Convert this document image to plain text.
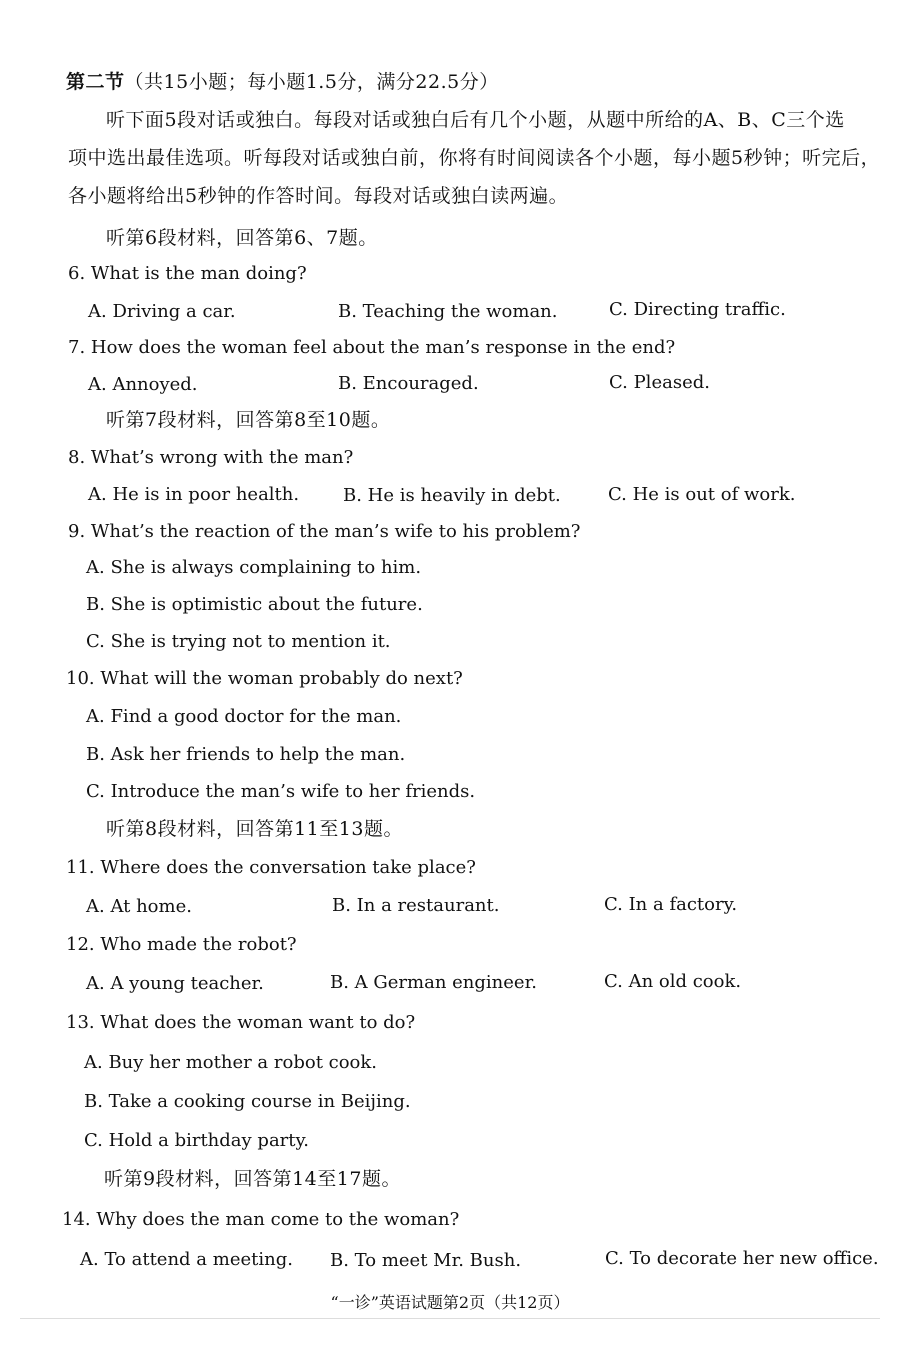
第二节（共15小题；每小题1.5分，满分22.5分）
听下面5段对话或独白。每段对话或独白后有几个小题，从题中所给的A、B、C三个选
项中选出最佳选项。听每段对话或独白前，你将有时间阅读各个小题，每小题5秒钟；听完后，
各小题将给出5秒钟的作答时间。每段对话或独白读两遍。
听第6段材料，回答第6、7题。
6. What is the man doing?
A. Driving a car.	B. Teaching the woman.	C. Directing traffic.
7. How does the woman feel about the man’s response in the end?
A. Annoyed.	B. Encouraged.	C. Pleased.
听第7段材料，回答第8至10题。
8. What’s wrong with the man?
A. He is in poor health. B. He is heavily in debt.	C. He is out of work.
9. What’s the reaction of the man’s wife to his problem?
A. She is always complaining to him.
B. She is optimistic about the future.
C. She is trying not to mention it.
10. What will the woman probably do next?
A. Find a good doctor for the man.
B. Ask her friends to help the man.
C. Introduce the man’s wife to her friends.
听第8段材料，回答第11至13题。
11. Where does the conversation take place?
A. At home.	B. In a restaurant.	C. In a factory.
12. Who made the robot?
A. A young teacher.	B. A German engineer.	C. An old cook.
13. What does the woman want to do?
A. Buy her mother a robot cook.
B. Take a cooking course in Beijing.
C. Hold a birthday party.
听第9段材料，回答第14至17题。
14. Why does the man come to the woman?
A. To attend a meeting. B. To meet Mr. Bush.	C. To decorate her new office.
“一诊”英语试题第2页（共12页）
